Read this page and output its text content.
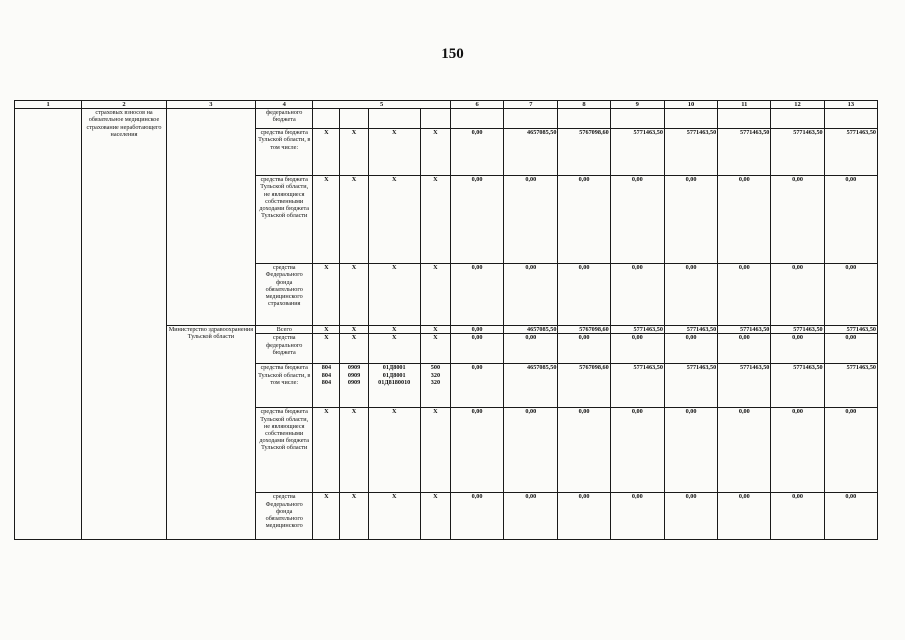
150
1	2	3	4	5				6	7	8	9	10	11	12	13
	страховых взносов на обязательное медицинское страхование неработающего населения		федерального бюджета	

			средства бюджета Тульской области, в том числе:	X	X	X	X	0,00	4657085,50	5767098,60	5771463,50	5771463,50	5771463,50	5771463,50	5771463,50
			средства бюджета Тульской области, не являющиеся собственными доходами бюджета Тульской области	X	X	X	X	0,00	0,00	0,00	0,00	0,00	0,00	0,00	0,00
			средства Федерального фонда обязательного медицинского страхования	X	X	X	X	0,00	0,00	0,00	0,00	0,00	0,00	0,00	0,00
		Министерство здравоохранения Тульской области	Всего	X	X	X	X	0,00	4657085,50	5767098,60	5771463,50	5771463,50	5771463,50	5771463,50	5771463,50
			средства федерального бюджета	X	X	X	X	0,00	0,00	0,00	0,00	0,00	0,00	0,00	0,00
			средства бюджета Тульской области, в том числе:	804
804
804	0909
0909
0909	01Д8001
01Д8001
01Д8180010	500
320
320	0,00	4657085,50	5767098,60	5771463,50	5771463,50	5771463,50	5771463,50	5771463,50
			средства бюджета Тульской области, не являющиеся собственными доходами бюджета Тульской области	X	X	X	X	0,00	0,00	0,00	0,00	0,00	0,00	0,00	0,00
			средства Федерального фонда обязательного медицинского	X	X	X	X	0,00	0,00	0,00	0,00	0,00	0,00	0,00	0,00
